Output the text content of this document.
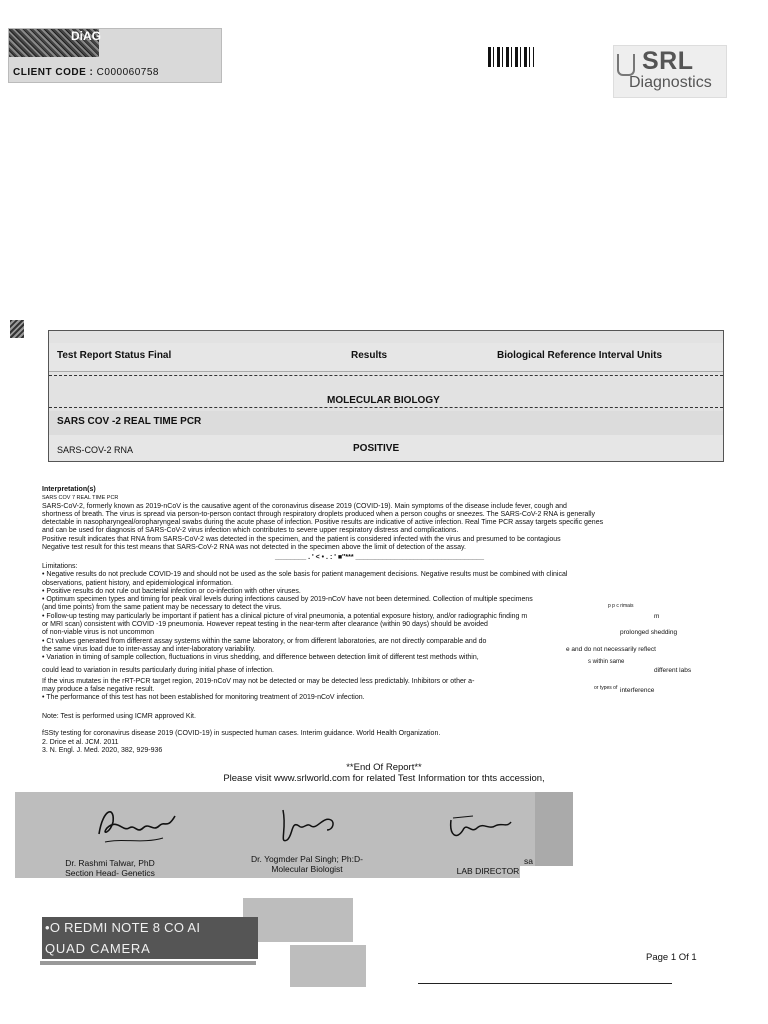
DiAG
CLIENT CODE : C000060758	SRL
Diagnostics
Test Report Status Final	Results	Biological Reference Interval Units
MOLECULAR BIOLOGY
SARS COV -2 REAL TIME PCR
SARS-COV-2 RNA	POSITIVE
Interpretation(s)
SARS COV 7 REAL TIME PCR
SARS-CoV-2, formerly known as 2019-nCoV is the causative agent of the coronavirus disease 2019 (COVID-19). Main symptoms of the disease include fever, cough and
shortness of breath. The virus is spread via person-to-person contact through respiratory droplets produced when a person coughs or sneezes. The SARS-CoV-2 RNA is generally
detectable in nasopharyngeal/oropharyngeal swabs during the acute phase of infection. Positive results are indicative of active infection. Real Time PCR assay targets specific genes
and can be used for diagnosis of SARS-CoV-2 virus infection which contributes to severe upper respiratory distress and complications.
Positive result indicates that RNA from SARS-CoV-2 was detected in the specimen, and the patient is considered infected with the virus and presumed to be contagious
Negative test result for this test means that SARS-CoV-2 RNA was not detected in the specimen above the limit of detection of the assay.
________ . ' < • . : ' ■''*** _________________________________
Limitations:
• Negative results do not preclude COVID-19 and should not be used as the sole basis for patient management decisions. Negative results must be combined with clinical
observations, patient history, and epidemiological information.
• Positive results do not rule out bacterial infection or co-infection with other viruses.
• Optimum specimen types and timing for peak viral levels during infections caused by 2019-nCoV have not been determined. Collection of multiple specimens
(and time points) from the same patient may be necessary to detect the virus.	p p c rimais
• Follow-up testing may particularly be important if patient has a clinical picture of viral pneumonia, a potential exposure history, and/or radiographic finding m	m
or MRI scan) consistent with COVID -19 pneumonia. However repeat testing in the near-term after clearance (within 90 days) should be avoided
of non-viable virus is not uncommon	prolonged shedding
• Ct values generated from different assay systems within the same laboratory, or from different laboratories, are not directly comparable and do
the same virus load due to inter-assay and inter-laboratory variability.	e and do not necessarily reflect
• Variation in timing of sample collection, fluctuations in virus shedding, and difference between detection limit of different test methods within,
s within same
could lead to variation in results particularly during initial phase of infection.	different labs
If the virus mutates in the rRT-PCR target region, 2019-nCoV may not be detected or may be detected less predictably. Inhibitors or other a-
or types of
may produce a false negative result.	interference
• The performance of this test has not been established for monitoring treatment of 2019-nCoV infection.
Note: Test is performed using ICMR approved Kit.
fSSty testing for coronavirus disease 2019 (COVID-19) in suspected human cases. Interim guidance. World Health Organization.
2. Drice et al. JCM. 2011
3. N. Engl. J. Med. 2020, 382, 929-936
**End Of Report**
Please visit www.srlworld.com for related Test Information tor thts accession,
Dr. Rashmi Talwar, PhD
Section Head- Genetics
Dr. Yogmder Pal Singh; Ph:D-
Molecular Biologist
sa
LAB DIRECTOR
•O REDMI NOTE 8 CO AI
QUAD CAMERA
Page 1 Of 1
